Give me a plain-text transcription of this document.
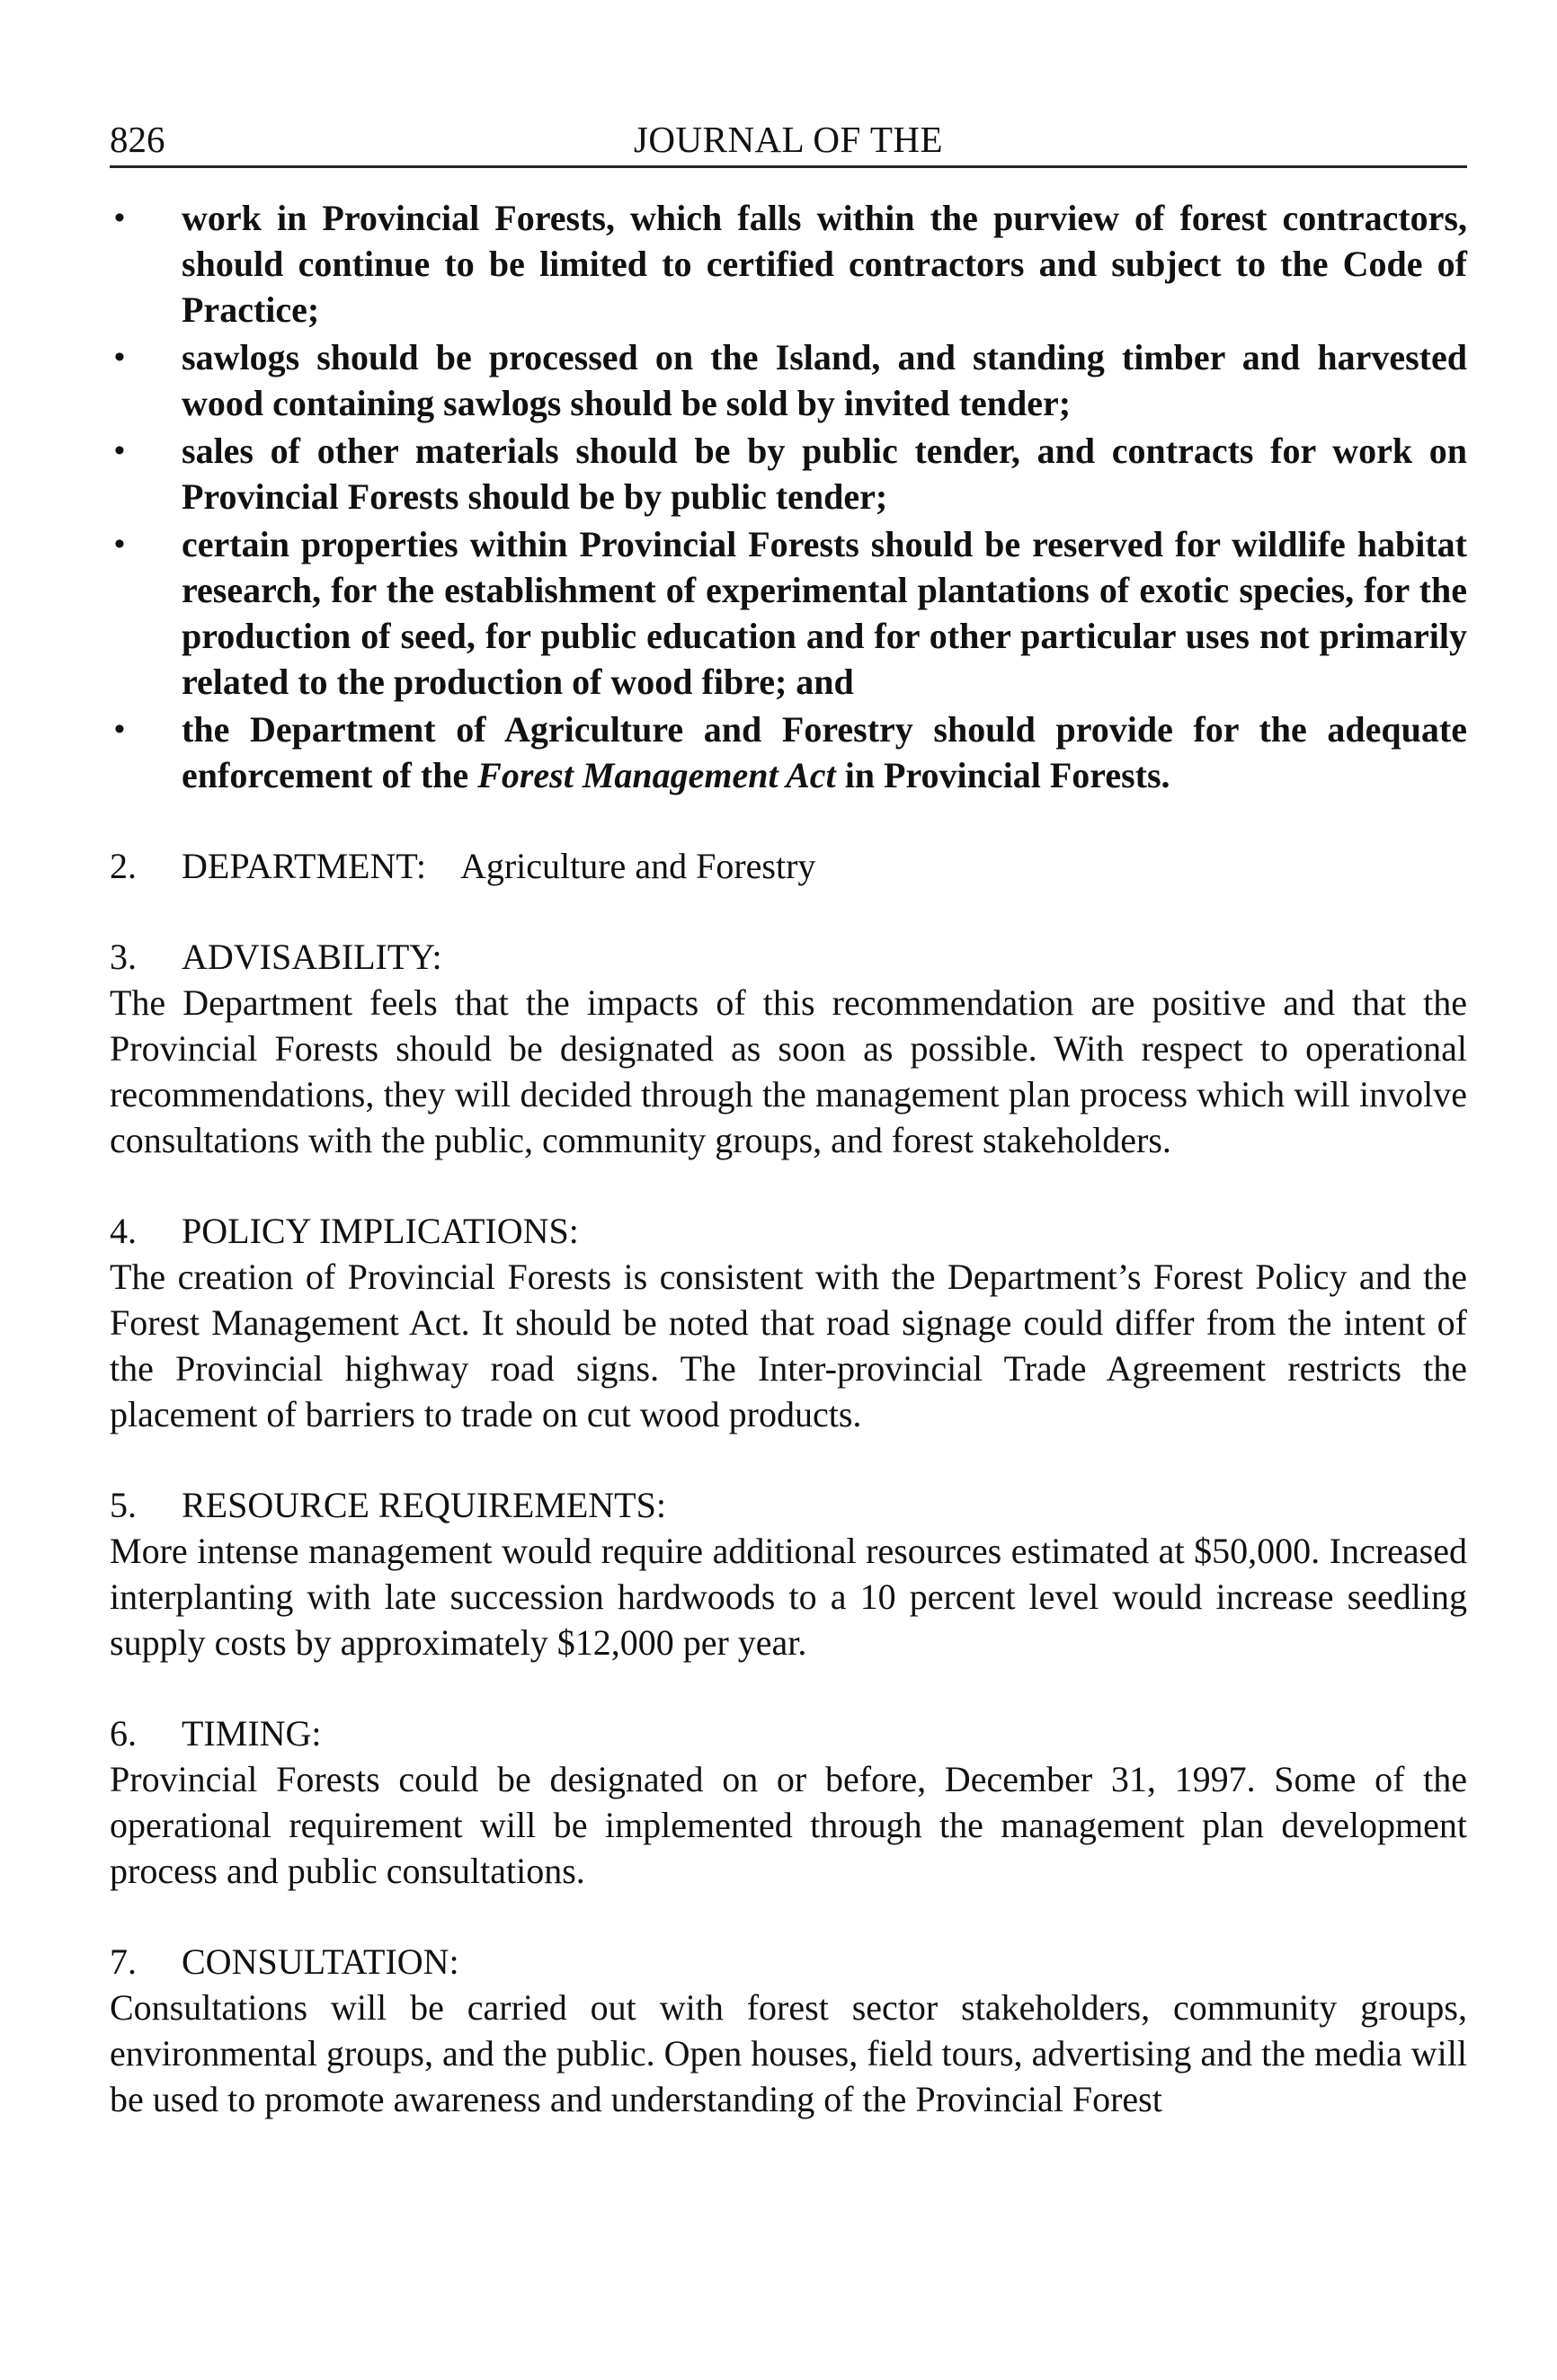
826	JOURNAL OF THE
• work in Provincial Forests, which falls within the purview of forest contractors, should continue to be limited to certified contractors and subject to the Code of Practice;
• sawlogs should be processed on the Island, and standing timber and harvested wood containing sawlogs should be sold by invited tender;
• sales of other materials should be by public tender, and contracts for work on Provincial Forests should be by public tender;
• certain properties within Provincial Forests should be reserved for wildlife habitat research, for the establishment of experimental plantations of exotic species, for the production of seed, for public education and for other particular uses not primarily related to the production of wood fibre; and
• the Department of Agriculture and Forestry should provide for the adequate enforcement of the Forest Management Act in Provincial Forests.
2. DEPARTMENT: Agriculture and Forestry
3. ADVISABILITY:
The Department feels that the impacts of this recommendation are positive and that the Provincial Forests should be designated as soon as possible. With respect to operational recommendations, they will decided through the management plan process which will involve consultations with the public, community groups, and forest stakeholders.
4. POLICY IMPLICATIONS:
The creation of Provincial Forests is consistent with the Department’s Forest Policy and the Forest Management Act. It should be noted that road signage could differ from the intent of the Provincial highway road signs. The Inter-provincial Trade Agreement restricts the placement of barriers to trade on cut wood products.
5. RESOURCE REQUIREMENTS:
More intense management would require additional resources estimated at $50,000. Increased interplanting with late succession hardwoods to a 10 percent level would increase seedling supply costs by approximately $12,000 per year.
6. TIMING:
Provincial Forests could be designated on or before, December 31, 1997. Some of the operational requirement will be implemented through the management plan development process and public consultations.
7. CONSULTATION:
Consultations will be carried out with forest sector stakeholders, community groups, environmental groups, and the public. Open houses, field tours, advertising and the media will be used to promote awareness and understanding of the Provincial Forest
